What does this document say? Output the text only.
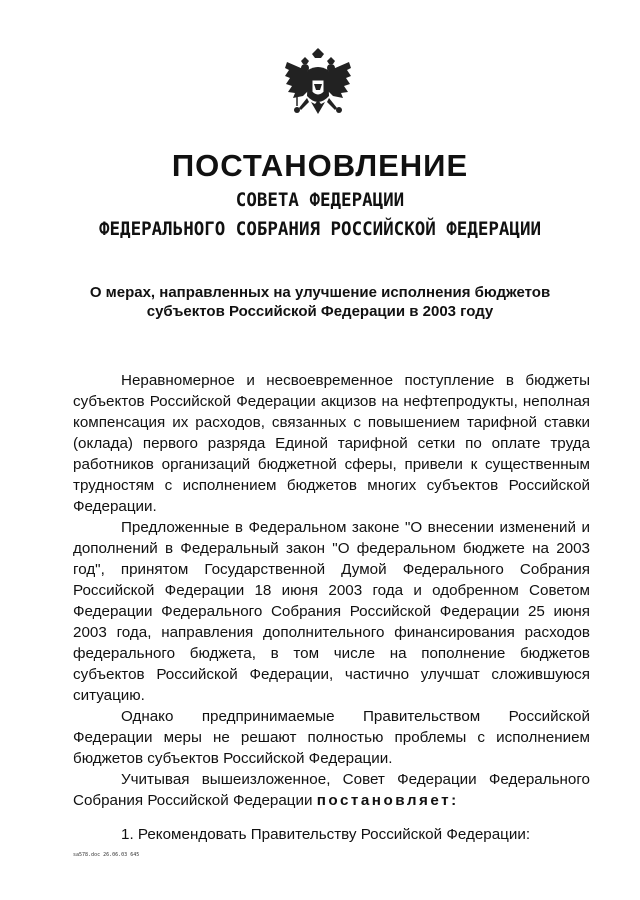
ПОСТАНОВЛЕНИЕ
СОВЕТА ФЕДЕРАЦИИ
ФЕДЕРАЛЬНОГО СОБРАНИЯ РОССИЙСКОЙ ФЕДЕРАЦИИ
О мерах, направленных на улучшение исполнения бюджетов
субъектов Российской Федерации в 2003 году

Неравномерное и несвоевременное поступление в бюджеты субъектов Российской Федерации акцизов на нефтепродукты, неполная компенсация их расходов, связанных с повышением тарифной ставки (оклада) первого разряда Единой тарифной сетки по оплате труда работников организаций бюджетной сферы, привели к существенным трудностям с исполнением бюджетов многих субъектов Российской Федерации.

Предложенные в Федеральном законе "О внесении изменений и дополнений в Федеральный закон "О федеральном бюджете на 2003 год", принятом Государственной Думой Федерального Собрания Российской Федерации 18 июня 2003 года и одобренном Советом Федерации Федерального Собрания Российской Федерации 25 июня 2003 года, направления дополнительного финансирования расходов федерального бюджета, в том числе на пополнение бюджетов субъектов Российской Федерации, частично улучшат сложившуюся ситуацию.

Однако предпринимаемые Правительством Российской Федерации меры не решают полностью проблемы с исполнением бюджетов субъектов Российской Федерации.

Учитывая вышеизложенное, Совет Федерации Федерального Собрания Российской Федерации постановляет:

1. Рекомендовать Правительству Российской Федерации:

sa578.doc 26.06.03 645
